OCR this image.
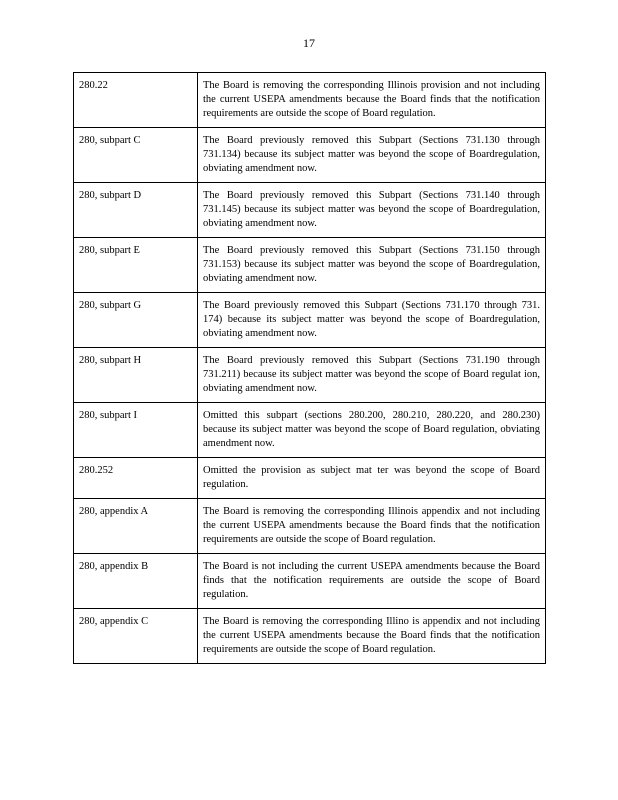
17
280.22	The Board is removing the corresponding Illinois provision and not including the current USEPA amendments because the Board finds that the notification requirements are outside the scope of Board regulation.
280, subpart C	The Board previously removed this Subpart (Sections 731.130 through 731.134) because its subject matter was beyond the scope of Boardregulation, obviating amendment now.
280, subpart D	The Board previously removed this Subpart (Sections 731.140 through 731.145) because its subject matter was beyond the scope of Boardregulation, obviating amendment now.
280, subpart E	The Board previously removed this Subpart (Sections 731.150 through 731.153) because its subject matter was beyond the scope of Boardregulation, obviating amendment now.
280, subpart G	The Board previously removed this Subpart (Sections 731.170 through 731. 174) because its subject matter was beyond the scope of Boardregulation, obviating amendment now.
280, subpart H	The Board previously removed this Subpart (Sections 731.190 through 731.211) because its subject matter was beyond the scope of Board regulat ion, obviating amendment now.
280, subpart I	Omitted this subpart (sections 280.200, 280.210, 280.220, and 280.230) because its subject matter was beyond the scope of Board regulation, obviating amendment now.
280.252	Omitted the provision as subject mat ter was beyond the scope of Board regulation.
280, appendix A	The Board is removing the corresponding Illinois appendix and not including the current USEPA amendments because the Board finds that the notification requirements are outside the scope of Board regulation.
280, appendix B	The Board is not including the current USEPA amendments because the Board finds that the notification requirements are outside the scope of Board regulation.
280, appendix C	The Board is removing the corresponding Illino is appendix and not including the current USEPA amendments because the Board finds that the notification requirements are outside the scope of Board regulation.
